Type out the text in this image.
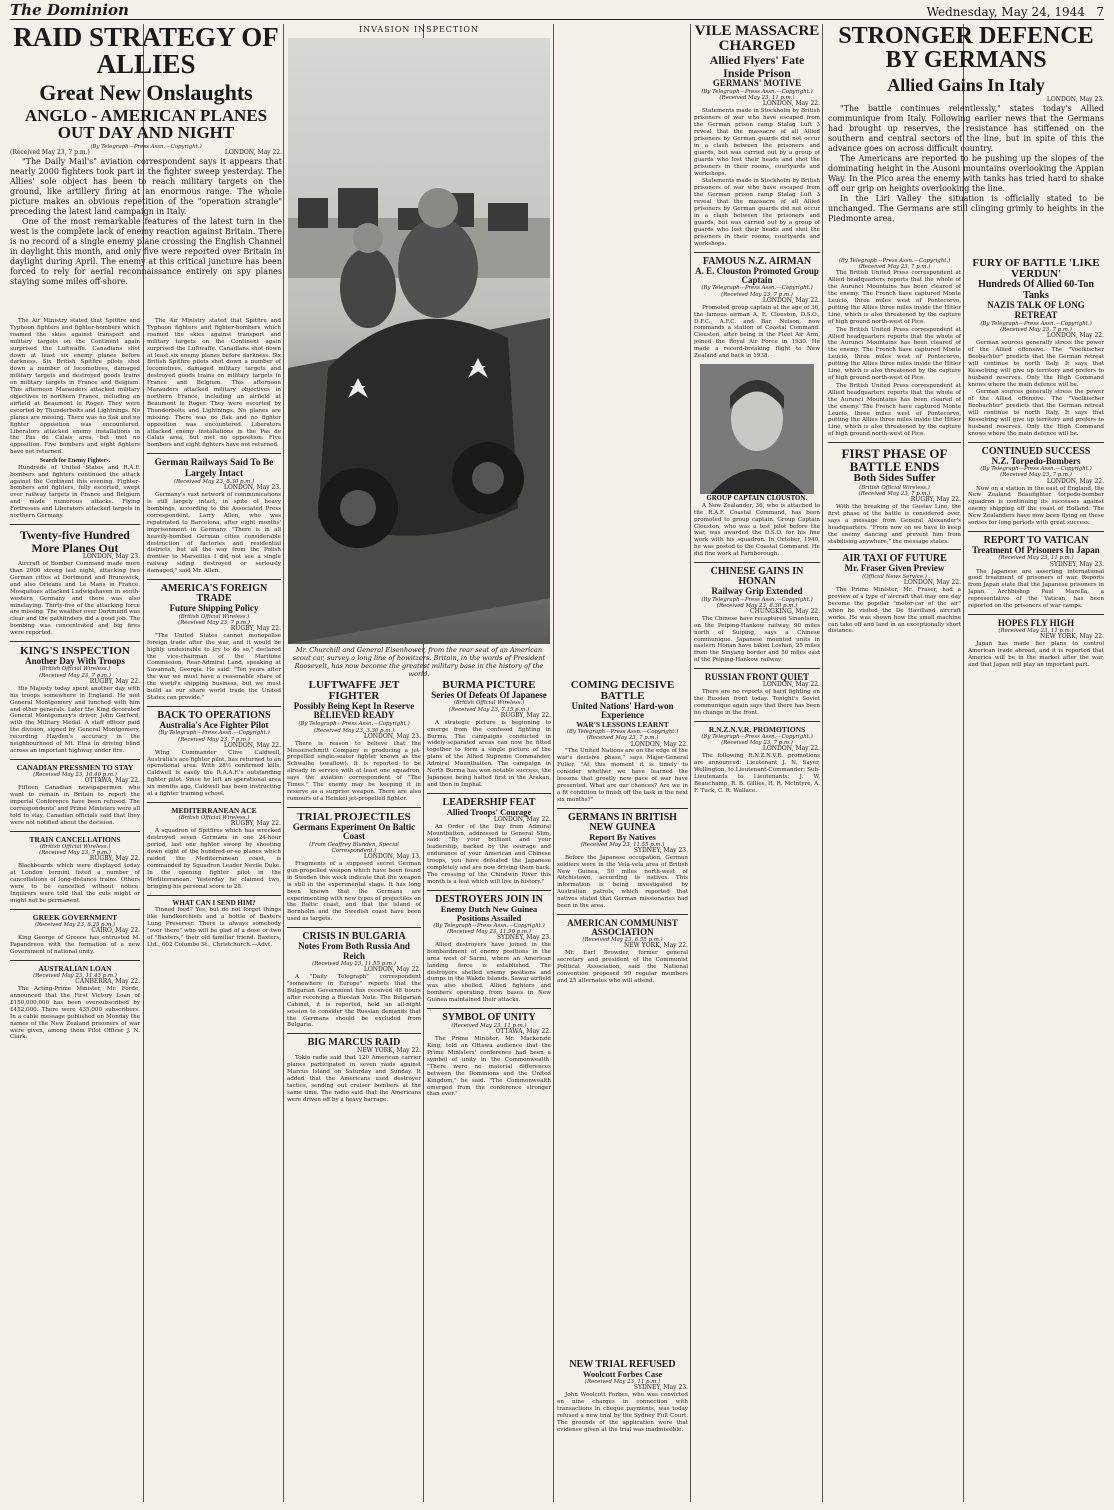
The Dominion	Wednesday, May 24, 1944 7
RAID STRATEGY OF ALLIES
Great New Onslaughts
ANGLO - AMERICAN PLANES OUT DAY AND NIGHT
(By Telegraph—Press Assn.—Copyright.)
(Received May 23, 7 p.m.)	LONDON, May 22.

"The Daily Mail's" aviation correspondent says it appears that nearly 2000 fighters took part in the fighter sweep yesterday. The Allies' sole object has been to reach military targets on the ground, like artillery firing at an enormous range. The whole picture makes an obvious repetition of the "operation strangle" preceding the latest land campaign in Italy.

One of the most remarkable features of the latest turn in the west is the complete lack of enemy reaction against Britain. There is no record of a single enemy plane crossing the English Channel in daylight this month, and only five were reported over Britain in daylight during April. The enemy at this critical juncture has been forced to rely for aerial reconnaissance entirely on spy planes staying some miles off-shore.

The Air Ministry stated that Spitfire and Typhoon fighters and fighter-bombers which roamed the skies against transport and military targets on the Continent again surprised the Luftwaffe. Canadians shot down at least six enemy planes before darkness. Six British Spitfire pilots shot down a number of locomotives, damaged military targets and destroyed goods trains on military targets in France and Belgium. This afternoon Marauders attacked military objectives in northern France, including an airfield at Beaumont le Roger. They were escorted by Thunderbolts and Lightnings. No planes are missing. There was no flak and no fighter opposition was encountered. Liberators attacked enemy installations in the Pas de Calais area, but met no opposition. Five bombers and eight fighters have not returned.

Search for Enemy Fighters.

Hundreds of United States and R.A.F. bombers and fighters continued the attack against the Continent this evening. Fighter-bombers and fighters, fully escorted, swept over railway targets in France and Belgium and made numerous attacks. Flying Fortresses and Liberators attacked targets in northern Germany.

Twenty-five Hundred More Planes Out
LONDON, May 23.

Aircraft of Bomber Command made more than 2000 strong last night, attacking two German cities at Dortmund and Brunswick, and also Orleans and Le Mans in France. Mosquitoes attacked Ludwigshaven in south-western Germany and there was also minelaying. Thirty-five of the attacking force are missing. The weather over Dortmund was clear and the pathfinders did a good job. The bombing was concentrated and big fires were reported.

KING'S INSPECTION
Another Day With Troops
(British Official Wireless.)
(Received May 23, 7 p.m.)
RUGBY, May 22.

His Majesty today spent another day with his troops somewhere in England. He met General Montgomery and lunched with him and other generals. Later the King decorated General Montgomery's driver, John Garford, with the Military Medal. A staff officer paid the division, signed by General Montgomery, recording Hayden's accuracy in the neighbourhood of Mt. Etna in driving blind across an important highway under fire.

CANADIAN PRESSMEN TO STAY
(Received May 23, 10.40 p.m.)
OTTAWA, May 22.

Fifteen Canadian newspapermen who want to remain in Britain to report the imperial Conference have been refused. The correspondents' and Prime Ministers were all told to stay. Canadian officials said that they were not notified about the decision.

TRAIN CANCELLATIONS
(British Official Wireless.)
(Received May 23, 7 p.m.)
RUGBY, May 22.

Blackboards which were displayed today at London termini listed a number of cancellations of long-distance trains. Others were to be cancelled without notice. Inquirers were told that the cuts might or might not be permanent.

GREEK GOVERNMENT
(Received May 23, 8.25 p.m.)
CAIRO, May 22.

King George of Greece has entrusted M. Papandreou with the formation of a new Government of national unity.

AUSTRALIAN LOAN
(Received May 23, 11.45 p.m.)
CANBERRA, May 22.

The Acting-Prime Minister, Mr. Forde, announced that the First Victory Loan of £150,000,000 has been oversubscribed by £452,000. There were 435,000 subscribers. In a cable message published on Monday the names of the New Zealand prisoners of war were given, among them Pilot Officer J. N. Clark.

The Air Ministry stated that Spitfire and Typhoon fighters and fighter-bombers which roamed the skies against transport and military targets on the Continent again surprised the Luftwaffe. Canadians shot down at least six enemy planes before darkness. Six British Spitfire pilots shot down a number of locomotives, damaged military targets and destroyed goods trains on military targets in France and Belgium. This afternoon Marauders attacked military objectives in northern France, including an airfield at Beaumont le Roger. They were escorted by Thunderbolts and Lightnings. No planes are missing. There was no flak and no fighter opposition was encountered. Liberators attacked enemy installations in the Pas de Calais area, but met no opposition. Five bombers and eight fighters have not returned.

German Railways Said To Be Largely Intact
(Received May 23, 8.30 p.m.)
LONDON, May 23.

Germany's vast network of communications is still largely intact, in spite of heavy bombings, according to the Associated Press correspondent. Larry Allen, who was repatriated to Barcelona, after eight months' imprisonment in Germany. "There is in all heavily-bombed German cities considerable destruction of factories and residential districts, but all the way from the Polish frontier to Marseilles I did not see a single railway siding destroyed or seriously damaged," said Mr. Allen.

AMERICA'S FOREIGN TRADE
Future Shipping Policy
(British Official Wireless.)
(Received May 23, 7 p.m.)
RUGBY, May 22.

"The United States cannot monopolise foreign trade after the war, and it would be highly undesirable to try to do so," declared the vice-chairman of the Maritime Commission, Rear-Admiral Land, speaking at Savannah, Georgia. He said: "Ten years after the war we must have a reasonable share of the world's shipping business, but we must build as our share world trade the United States can provide."

BACK TO OPERATIONS
Australia's Ace Fighter Pilot
(By Telegraph—Press Assn.—Copyright.)
(Received May 23, 7 p.m.)
LONDON, May 22.

Wing Commander Clive Caldwell, Australia's ace fighter pilot, has returned to an operational area. With 28½ confirmed kills, Caldwell is easily the R.A.A.F.'s outstanding fighter pilot. Since he left an operational area six months ago, Caldwell has been instructing at a fighter training school.

MEDITERRANEAN ACE
(British Official Wireless.)
RUGBY, May 22.

A squadron of Spitfires which has wrecked destroyed seven Germans in one 24-hour period, last one fighter sweep by shooting down eight of the hundred-or-so planes which raided the Mediterranean coast, is commanded by Squadron Leader Nevile Duke. In the opening fighter pilot in the Mediterranean. Yesterday he claimed two, bringing his personal score to 28.

WHAT CAN I SEND HIM?

Tinned food? Yes, but do not forget things like handkerchiefs and a bottle of Baxters Lung Preserver. There is always somebody "over there" who will be glad of a dose or two of "Baxters," their old familiar friend. Baxters, Ltd., 602 Colombo St., Christchurch.—Advt.

INVASION INSPECTION
Mr. Churchill and General Eisenhower, from the rear seat of an American scout car, survey a long line of howitzers. Britain, in the words of President Roosevelt, has now become the greatest military base in the history of the world.
LUFTWAFFE JET FIGHTER
Possibly Being Kept In Reserve
BELIEVED READY
(By Telegraph—Press Assn.—Copyright.)
(Received May 23, 3.30 p.m.)
LONDON, May 23.

There is reason to believe that the Messerschmitt Company is producing a jet-propelled single-seater fighter known as the Schwalbe (swallow). It is reported to be already in service with at least one squadron, says the aviation correspondent of "The Times." The enemy may be keeping it in reserve as a surprise weapon. There are also rumours of a Heinkel jet-propelled fighter.

TRIAL PROJECTILES
Germans Experiment On Baltic Coast
(From Geoffrey Blunden, Special Correspondent.)
LONDON, May 13.

Fragments of a supposed secret German gun-propelled weapon which have been found in Sweden this week indicate that the weapon is still in the experimental stage. It has long been known that the Germans are experimenting with new types of projectiles on the Baltic coast, and that the island of Bornholm and the Swedish coast have been used as targets.

CRISIS IN BULGARIA
Notes From Both Russia And Reich
(Received May 23, 11.55 p.m.)
LONDON, May 22.

A "Daily Telegraph" correspondent "somewhere in Europe" reports that the Bulgarian Government has received 48 hours after receiving a Russian Note. The Bulgarian Cabinet, it is reported, held an all-night session to consider the Russian demands that the Germans should be excluded from Bulgaria.

BIG MARCUS RAID
NEW YORK, May 22.

Tokio radio said that 120 American carrier planes participated in seven raids against Marcus Island on Saturday and Sunday. It added that the Americans used destroyer tactics, sending out cruiser bombers at the same time. The radio said that the Americans were driven off by a heavy barrage.

BURMA PICTURE
Series Of Defeats Of Japanese
(British Official Wireless.)
(Received May 23, 7.15 p.m.)
RUGBY, May 22.

A strategic picture is beginning to emerge from the confused fighting in Burma. The campaigns conducted in widely-separated areas can now be fitted together to form a single picture of the plans of the Allied Supreme Commander, Admiral Mountbatten. The campaign in North Burma has won notable success, the Japanese being halted first in the Arakan, and then in Imphal.

LEADERSHIP FEAT
Allied Troops' Courage
LONDON, May 22.

An Order of the Day from Admiral Mountbatten, addressed to General Slim, said: "By your brilliant and your leadership, backed by the courage and endurance of your American and Chinese troops, you have defeated the Japanese completely and are now driving them back. The crossing of the Chindwin River this month is a feat which will live in history."

DESTROYERS JOIN IN
Enemy Dutch New Guinea Positions Assailed
(By Telegraph—Press Assn.—Copyright.)
(Received May 23, 11.50 p.m.)
SYDNEY, May 23.

Allied destroyers have joined in the bombardment of enemy positions in the area west of Sarmi, where an American landing force is established. The destroyers shelled enemy positions and dumps in the Wakde Islands. Sawar airfield was also shelled. Allied fighters and bombers operating from bases in New Guinea maintained their attacks.

SYMBOL OF UNITY
(Received May 23, 11 p.m.)
OTTAWA, May 22.

The Prime Minister, Mr. Mackenzie King, told an Ottawa audience that the Prime Ministers' conference had been a symbol of unity in the Commonwealth. "There were no material differences between the Dominions and the United Kingdom," he said. "The Commonwealth emerged from the conference stronger than ever."

COMING DECISIVE BATTLE
United Nations' Hard-won Experience
WAR'S LESSONS LEARNT
(By Telegraph—Press Assn.—Copyright.)
(Received May 23, 7 p.m.)
LONDON, May 22.

"The United Nations are on the edge of the war's decisive phase," says Major-General Fuller. "At this moment it is timely to consider whether we have learned the lessons that greatly new pace of war have presented. What are our chances? Are we in a fit condition to finish off the task in the next six months?"

GERMANS IN BRITISH NEW GUINEA
Report By Natives
(Received May 23, 11.55 p.m.)
SYDNEY, May 23.

Before the Japanese occupation, German soldiers were in the Vela-vela area of British New Guinea, 50 miles north-west of Aitchistown, according to natives. This information is being investigated by Australian patrols, which reported that natives stated that German missionaries had been in the area.

AMERICAN COMMUNIST ASSOCIATION
(Received May 23, 6.55 p.m.)
NEW YORK, May 22.

Mr. Earl Browder, former general secretary and president of the Communist Political Association, said the National convention proposed 90 regular members and 25 alternates who will attend.

VILE MASSACRE CHARGED
Allied Flyers' Fate Inside Prison
GERMANS' MOTIVE
(By Telegraph—Press Assn.—Copyright.)
(Received May 23, 11 p.m.)
LONDON, May 22.

Statements made in Stockholm by British prisoners of war who have escaped from the German prison camp Stalag Luft 3 reveal that the massacre of all Allied prisoners by German guards did not occur in a clash between the prisoners and guards, but was carried out by a group of guards who lost their heads and shot the prisoners in their rooms, courtyards and workshops.

Statements made in Stockholm by British prisoners of war who have escaped from the German prison camp Stalag Luft 3 reveal that the massacre of all Allied prisoners by German guards did not occur in a clash between the prisoners and guards, but was carried out by a group of guards who lost their heads and shot the prisoners in their rooms, courtyards and workshops.

FAMOUS N.Z. AIRMAN
A. E. Clouston Promoted Group Captain
(By Telegraph—Press Assn.—Copyright.)
(Received May 23, 7 p.m.)
LONDON, May 22.

Promoted group captain at the age of 36, the famous airman A. E. Clouston, D.S.O., D.F.C., A.F.C. and Bar, Nelson, now commands a station of Coastal Command. Clouston, after being in the Fleet Air Arm, joined the Royal Air Force in 1930. He made a record-breaking flight to New Zealand and back in 1938.

GROUP CAPTAIN CLOUSTON.

A New Zealander, 36, who is attached to the R.A.F. Coastal Command, has been promoted to group captain. Group Captain Clouston, who was a test pilot before the war, was awarded the D.S.O. for his fine work with his squadron. In October, 1940, he was posted to the Coastal Command. He did fine work at Farnborough.

CHINESE GAINS IN HONAN
Railway Grip Extended
(By Telegraph—Press Assn.—Copyright.)
(Received May 23, 8.30 p.m.)
CHUNGKING, May 22.

The Chinese have recaptured Sinantsien, on the Peiping-Hankow railway, 90 miles north of Suiping, says a Chinese communique. Japanese mounted units in eastern Honan have taken Loshan, 25 miles from the Sinyang border and 50 miles east of the Peiping-Hankow railway.

RUSSIAN FRONT QUIET
LONDON, May 22.

There are no reports of hard fighting on the Russian front today. Tonight's Soviet communique again says that there has been no change in the front.

R.N.Z.N.V.R. PROMOTIONS
(By Telegraph—Press Assn.—Copyright.)
(Received May 23, 7 p.m.)
LONDON, May 22.

The following R.N.Z.N.V.R. promotions are announced: Lieutenant J. N. Sayer, Wellington, to Lieutenant-Commander; Sub-Lieutenants to Lieutenants: J. W. Beauchamp, R. B. Gillies, H. R. McIntyre, A. F. Tuck, C. R. Wallace.

NEW TRIAL REFUSED
Woolcott Forbes Case
(Received May 23, 11 p.m.)
SYDNEY, May 23.

John Woolcott Forbes, who was convicted on nine charges in connection with transactions in cheque payments, was today refused a new trial by the Sydney Full Court. The grounds of the application were that evidence given at the trial was inadmissible.

STRONGER DEFENCE BY GERMANS
Allied Gains In Italy
LONDON, May 23.

"The battle continues relentlessly," states today's Allied communique from Italy. Following earlier news that the Germans had brought up reserves, the resistance has stiffened on the southern and central sectors of the line, but in spite of this the advance goes on across difficult country.

The Americans are reported to be pushing up the slopes of the dominating height in the Ausoni mountains overlooking the Appian Way. In the Pico area the enemy with tanks has tried hard to shake off our grip on heights overlooking the line.

In the Liri Valley the situation is officially stated to be unchanged. The Germans are still clinging grimly to heights in the Piedmonte area.

(By Telegraph—Press Assn.—Copyright.)
(Received May 23, 7 p.m.)

The British United Press correspondent at Allied headquarters reports that the whole of the Aurunci Mountains has been cleared of the enemy. The French have captured Monte Leucio, three miles west of Pontecorvo, putting the Allies three miles inside the Hitler Line, which is also threatened by the capture of high ground north-west of Pico.

The British United Press correspondent at Allied headquarters reports that the whole of the Aurunci Mountains has been cleared of the enemy. The French have captured Monte Leucio, three miles west of Pontecorvo, putting the Allies three miles inside the Hitler Line, which is also threatened by the capture of high ground north-west of Pico.

The British United Press correspondent at Allied headquarters reports that the whole of the Aurunci Mountains has been cleared of the enemy. The French have captured Monte Leucio, three miles west of Pontecorvo, putting the Allies three miles inside the Hitler Line, which is also threatened by the capture of high ground north-west of Pico.

FIRST PHASE OF BATTLE ENDS
Both Sides Suffer
(British Official Wireless.)
(Received May 23, 7 p.m.)
RUGBY, May 22.

With the breaking of the Gustav Line, the first phase of the battle is considered over, says a message from General Alexander's headquarters. "From now on we have to keep the enemy dancing and prevent him from stabilising anywhere," the message states.

AIR TAXI OF FUTURE
Mr. Fraser Given Preview
(Official News Service.)
LONDON, May 22.

The Prime Minister, Mr. Fraser, had a preview of a type of aircraft that may one day become the popular "motor-car of the air" when he visited the De Havilland aircraft works. He was shown how the small machine can take off and land in an exceptionally short distance.

FURY OF BATTLE 'LIKE VERDUN'
Hundreds Of Allied 60-Ton Tanks
NAZIS TALK OF LONG RETREAT
(By Telegraph—Press Assn.—Copyright.)
(Received May 23, 7 p.m.)
LONDON, May 22.

German sources generally stress the power of the Allied offensive. The "Voelkischer Beobachter" predicts that the German retreat will continue to north Italy. It says that Kesselring will give up territory and prefers to husband reserves. Only the High Command knows where the main defence will be.

German sources generally stress the power of the Allied offensive. The "Voelkischer Beobachter" predicts that the German retreat will continue to north Italy. It says that Kesselring will give up territory and prefers to husband reserves. Only the High Command knows where the main defence will be.

CONTINUED SUCCESS
N.Z. Torpedo-Bombers
(By Telegraph—Press Assn.—Copyright.)
(Received May 23, 7 p.m.)
LONDON, May 22.

Now on a station in the east of England, the New Zealand Beaufighter torpedo-bomber squadron is continuing its successes against enemy shipping off the coast of Holland. The New Zealanders have now been flying on these sorties for long periods with great success.

REPORT TO VATICAN
Treatment Of Prisoners In Japan
(Received May 23, 11 p.m.)
SYDNEY, May 23.

The Japanese are asserting international good treatment of prisoners of war. Reports from Japan state that the Japanese prisoners in Japan, Archbishop Paul Marella, a representative of the Vatican, has been reported on the prisoners of war camps.

HOPES FLY HIGH
(Received May 23, 11 p.m.)
NEW YORK, May 22.

Japan has made her plans to control American trade abroad, and it is reported that America will be in the market after the war, and that Japan will play an important part.
